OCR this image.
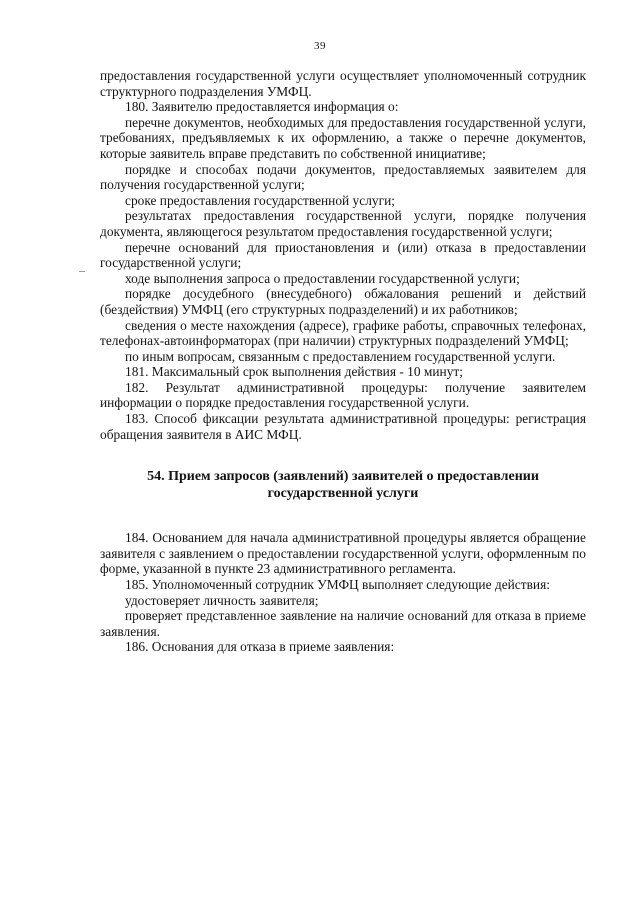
39

предоставления государственной услуги осуществляет уполномоченный сотрудник структурного подразделения УМФЦ.

180. Заявителю предоставляется информация о:

перечне документов, необходимых для предоставления государственной услуги, требованиях, предъявляемых к их оформлению, а также о перечне документов, которые заявитель вправе представить по собственной инициативе;

порядке и способах подачи документов, предоставляемых заявителем для получения государственной услуги;

сроке предоставления государственной услуги;

результатах предоставления государственной услуги, порядке получения документа, являющегося результатом предоставления государственной услуги;

перечне оснований для приостановления и (или) отказа в предоставлении государственной услуги;

ходе выполнения запроса о предоставлении государственной услуги;

порядке досудебного (внесудебного) обжалования решений и действий (бездействия) УМФЦ (его структурных подразделений) и их работников;

сведения о месте нахождения (адресе), графике работы, справочных телефонах, телефонах-автоинформаторах (при наличии) структурных подразделений УМФЦ;

по иным вопросам, связанным с предоставлением государственной услуги.

181. Максимальный срок выполнения действия - 10 минут;

182. Результат административной процедуры: получение заявителем информации о порядке предоставления государственной услуги.

183. Способ фиксации результата административной процедуры: регистрация обращения заявителя в АИС МФЦ.

54. Прием запросов (заявлений) заявителей о предоставлении государственной услуги

184. Основанием для начала административной процедуры является обращение заявителя с заявлением о предоставлении государственной услуги, оформленным по форме, указанной в пункте 23 административного регламента.

185. Уполномоченный сотрудник УМФЦ выполняет следующие действия:

удостоверяет личность заявителя;

проверяет представленное заявление на наличие оснований для отказа в приеме заявления.

186. Основания для отказа в приеме заявления:
